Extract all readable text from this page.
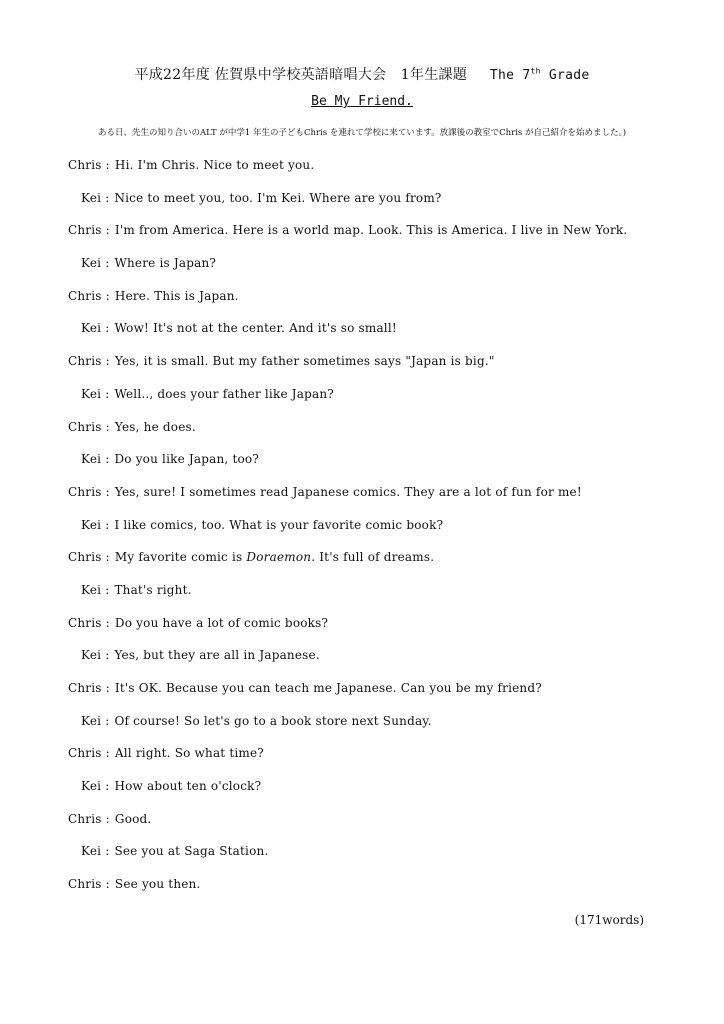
平成22年度 佐賀県中学校英語暗唱大会　1年生課題 The 7th Grade
Be My Friend.
ある日、先生の知り合いのALT が中学1 年生の子どもChris を連れて学校に来ています。放課後の教室でChris が自己紹介を始めました。)
Chris : Hi. I'm Chris. Nice to meet you.
Kei : Nice to meet you, too. I'm Kei. Where are you from?
Chris : I'm from America. Here is a world map. Look. This is America. I live in New York.
Kei : Where is Japan?
Chris : Here. This is Japan.
Kei : Wow! It's not at the center. And it's so small!
Chris : Yes, it is small. But my father sometimes says "Japan is big."
Kei : Well.., does your father like Japan?
Chris : Yes, he does.
Kei : Do you like Japan, too?
Chris : Yes, sure! I sometimes read Japanese comics. They are a lot of fun for me!
Kei : I like comics, too. What is your favorite comic book?
Chris : My favorite comic is Doraemon. It's full of dreams.
Kei : That's right.
Chris : Do you have a lot of comic books?
Kei : Yes, but they are all in Japanese.
Chris : It's OK. Because you can teach me Japanese. Can you be my friend?
Kei : Of course! So let's go to a book store next Sunday.
Chris : All right. So what time?
Kei : How about ten o'clock?
Chris : Good.
Kei : See you at Saga Station.
Chris : See you then.
(171words)
